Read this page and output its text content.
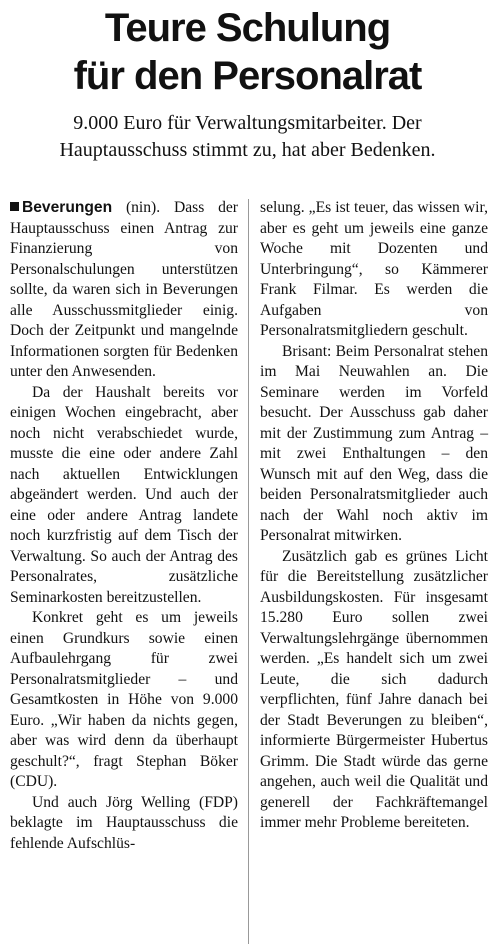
Teure Schulung
für den Personalrat
9.000 Euro für Verwaltungsmitarbeiter. Der
Hauptausschuss stimmt zu, hat aber Bedenken.

Beverungen (nin). Dass der Hauptausschuss einen Antrag zur Finanzierung von Personalschulungen unterstützen sollte, da waren sich in Beverungen alle Ausschussmitglieder einig. Doch der Zeitpunkt und mangelnde Informationen sorgten für Bedenken unter den Anwesenden.

Da der Haushalt bereits vor einigen Wochen eingebracht, aber noch nicht verabschiedet wurde, musste die eine oder andere Zahl nach aktuellen Entwicklungen abgeändert werden. Und auch der eine oder andere Antrag landete noch kurzfristig auf dem Tisch der Verwaltung. So auch der Antrag des Personalrates, zusätzliche Seminarkosten bereitzustellen.

Konkret geht es um jeweils einen Grundkurs sowie einen Aufbaulehrgang für zwei Personalratsmitglieder – und Gesamtkosten in Höhe von 9.000 Euro. „Wir haben da nichts gegen, aber was wird denn da überhaupt geschult?“, fragt Stephan Böker (CDU).

Und auch Jörg Welling (FDP) beklagte im Hauptausschuss die fehlende Aufschlüs-

selung. „Es ist teuer, das wissen wir, aber es geht um jeweils eine ganze Woche mit Dozenten und Unterbringung“, so Kämmerer Frank Filmar. Es werden die Aufgaben von Personalratsmitgliedern geschult.

Brisant: Beim Personalrat stehen im Mai Neuwahlen an. Die Seminare werden im Vorfeld besucht. Der Ausschuss gab daher mit der Zustimmung zum Antrag – mit zwei Enthaltungen – den Wunsch mit auf den Weg, dass die beiden Personalratsmitglieder auch nach der Wahl noch aktiv im Personalrat mitwirken.

Zusätzlich gab es grünes Licht für die Bereitstellung zusätzlicher Ausbildungskosten. Für insgesamt 15.280 Euro sollen zwei Verwaltungslehrgänge übernommen werden. „Es handelt sich um zwei Leute, die sich dadurch verpflichten, fünf Jahre danach bei der Stadt Beverungen zu bleiben“, informierte Bürgermeister Hubertus Grimm. Die Stadt würde das gerne angehen, auch weil die Qualität und generell der Fachkräftemangel immer mehr Probleme bereiteten.
